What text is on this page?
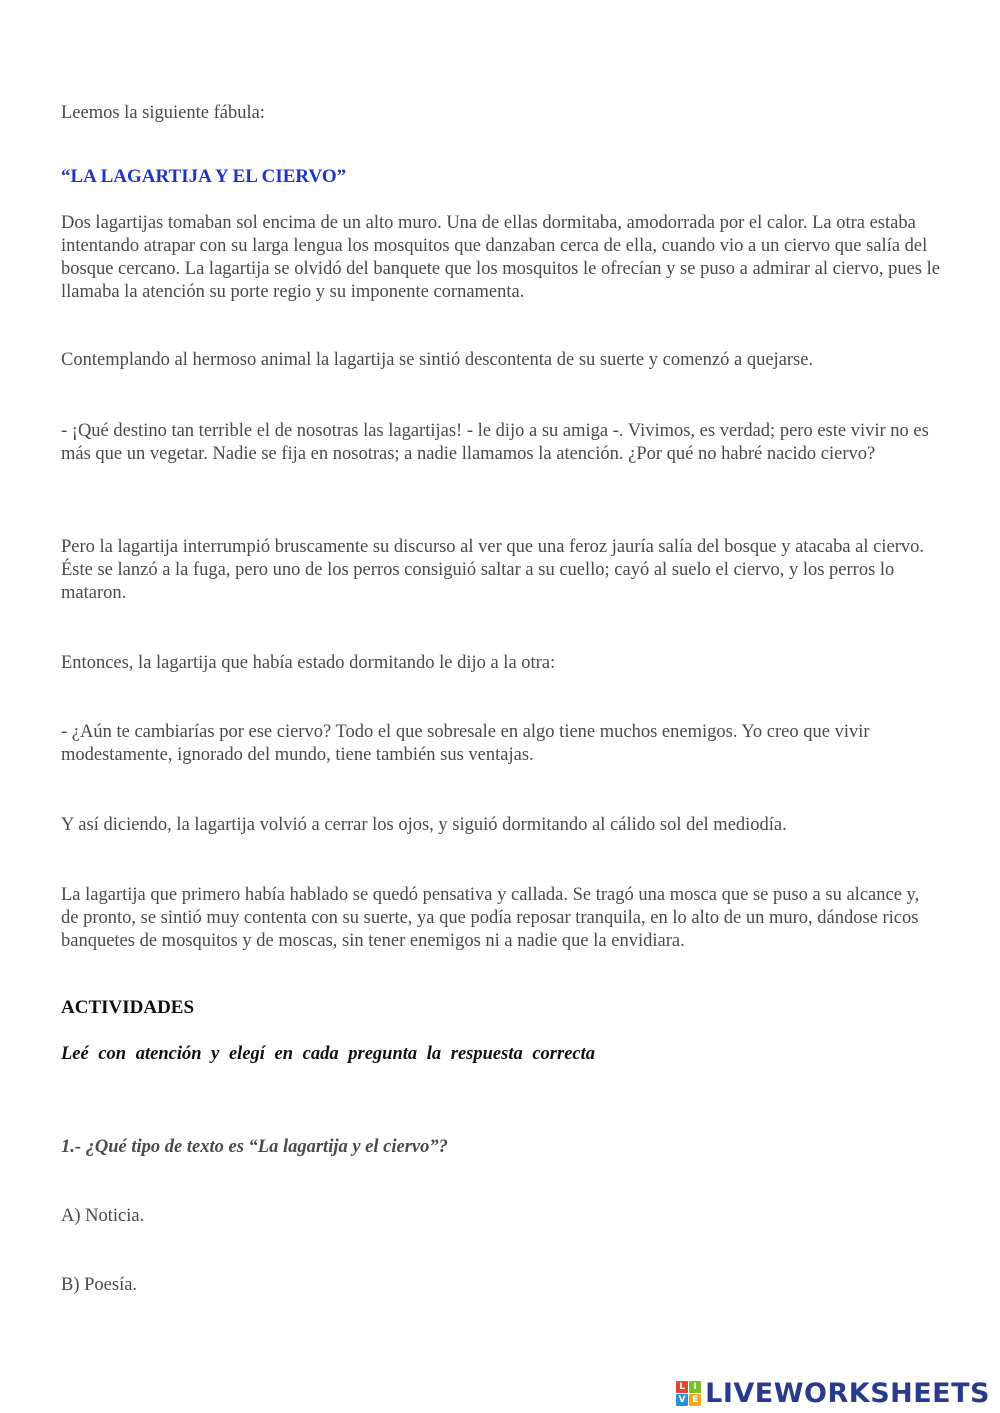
Leemos la siguiente fábula:
“LA LAGARTIJA Y EL CIERVO”
Dos lagartijas tomaban sol encima de un alto muro. Una de ellas dormitaba, amodorrada por el calor. La otra estaba intentando atrapar con su larga lengua los mosquitos que danzaban cerca de ella, cuando vio a un ciervo que salía del bosque cercano. La lagartija se olvidó del banquete que los mosquitos le ofrecían y se puso a admirar al ciervo, pues le llamaba la atención su porte regio y su imponente cornamenta.
Contemplando al hermoso animal la lagartija se sintió descontenta de su suerte y comenzó a quejarse.
- ¡Qué destino tan terrible el de nosotras las lagartijas! - le dijo a su amiga -. Vivimos, es verdad; pero este vivir no es más que un vegetar. Nadie se fija en nosotras; a nadie llamamos la atención. ¿Por qué no habré nacido ciervo?
Pero la lagartija interrumpió bruscamente su discurso al ver que una feroz jauría salía del bosque y atacaba al ciervo. Éste se lanzó a la fuga, pero uno de los perros consiguió saltar a su cuello; cayó al suelo el ciervo, y los perros lo mataron.
Entonces, la lagartija que había estado dormitando le dijo a la otra:
- ¿Aún te cambiarías por ese ciervo? Todo el que sobresale en algo tiene muchos enemigos. Yo creo que vivir modestamente, ignorado del mundo, tiene también sus ventajas.
Y así diciendo, la lagartija volvió a cerrar los ojos, y siguió dormitando al cálido sol del mediodía.
La lagartija que primero había hablado se quedó pensativa y callada. Se tragó una mosca que se puso a su alcance y, de pronto, se sintió muy contenta con su suerte, ya que podía reposar tranquila, en lo alto de un muro, dándose ricos banquetes de mosquitos y de moscas, sin tener enemigos ni a nadie que la envidiara.
ACTIVIDADES
Leé con atención y elegí en cada pregunta la respuesta correcta
1.- ¿Qué tipo de texto es “La lagartija y el ciervo”?
A) Noticia.
B) Poesía.
L I
V E LIVEWORKSHEETS
